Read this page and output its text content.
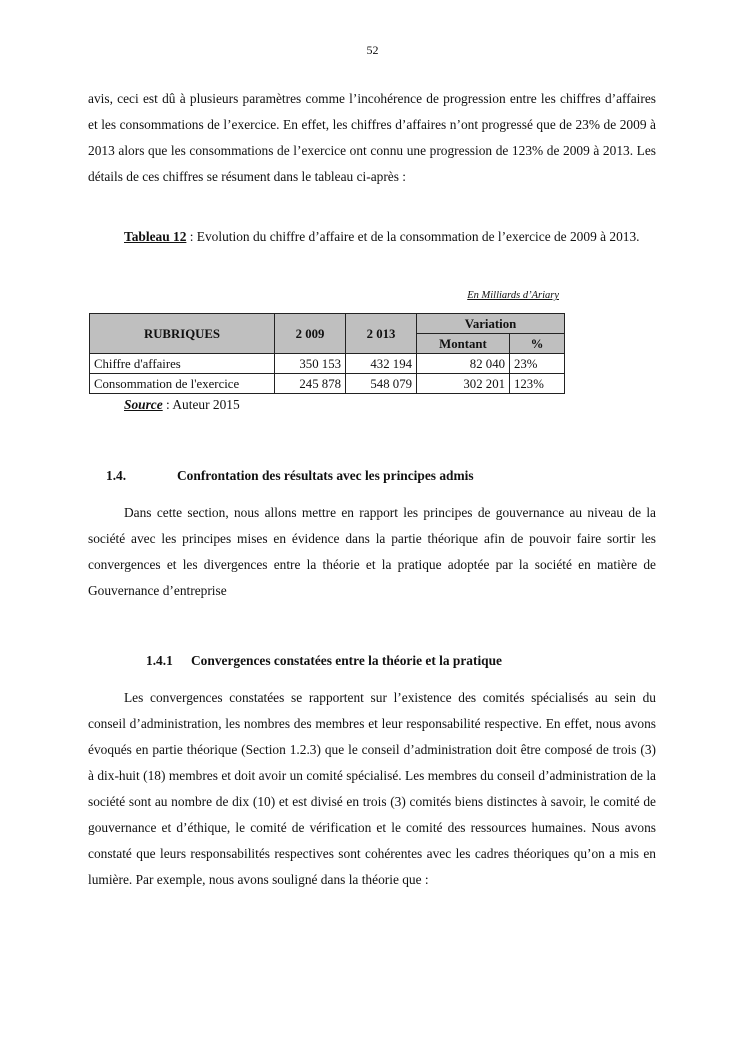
52

avis, ceci est dû à plusieurs paramètres comme l’incohérence de progression entre les chiffres d’affaires et les consommations de l’exercice. En effet, les chiffres d’affaires n’ont progressé que de 23% de 2009 à 2013 alors que les consommations de l’exercice ont connu une progression de 123% de 2009 à 2013. Les détails de ces chiffres se résument dans le tableau ci-après :

Tableau 12 : Evolution du chiffre d’affaire et de la consommation de l’exercice de 2009 à 2013.

En Milliards d’Ariary
RUBRIQUES	2 009	2 013	Variation	
			Montant	%
Chiffre d'affaires	350 153	432 194	82 040	23%
Consommation de l'exercice	245 878	548 079	302 201	123%
Source : Auteur 2015
1.4.	Confrontation des résultats avec les principes admis

Dans cette section, nous allons mettre en rapport les principes de gouvernance au niveau de la société avec les principes mises en évidence dans la partie théorique afin de pouvoir faire sortir les convergences et les divergences entre la théorie et la pratique adoptée par la société en matière de Gouvernance d’entreprise

1.4.1 Convergences constatées entre la théorie et la pratique

Les convergences constatées se rapportent sur l’existence des comités spécialisés au sein du conseil d’administration, les nombres des membres et leur responsabilité respective. En effet, nous avons évoqués en partie théorique (Section 1.2.3) que le conseil d’administration doit être composé de trois (3) à dix-huit (18) membres et doit avoir un comité spécialisé. Les membres du conseil d’administration de la société sont au nombre de dix (10) et est divisé en trois (3) comités biens distinctes à savoir, le comité de gouvernance et d’éthique, le comité de vérification et le comité des ressources humaines. Nous avons constaté que leurs responsabilités respectives sont cohérentes avec les cadres théoriques qu’on a mis en lumière. Par exemple, nous avons souligné dans la théorie que :
